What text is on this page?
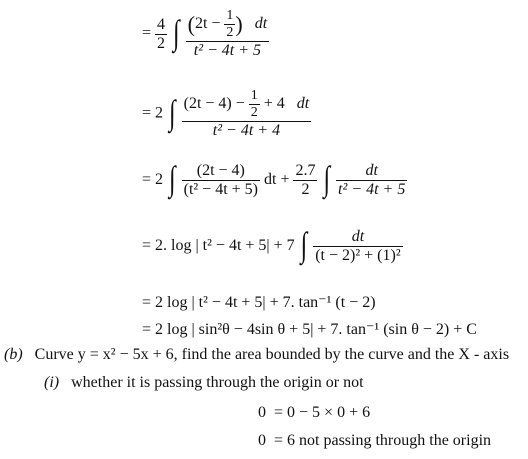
= $\frac{4}{2}$ ∫ $\frac{(2t - \frac{1}{2} ) dt}{\text{t² − 4t + 5}}$
= 2 ∫ $\frac{(2t - 4) - \frac{1}{2} + 4 dt}{\text{t² − 4t + 4}}$
= 2 ∫ $\frac{(2t - 4)}{\text{(t² − 4t + 5)}}$ dt + $\frac{2.7}{2}$ ∫ $\frac{dt}{\text{t² − 4t + 5}}$
= 2. log | t² − 4t + 5| + 7 ∫ $\frac{dt}{\text{(t − 2)² + (1)²}}$
= 2 log | t² − 4t + 5| + 7. tan⁻¹ (t − 2)
= 2 log | sin²θ − 4sin θ + 5| + 7. tan⁻¹ (sin θ − 2) + C
(b) Curve y = x² − 5x + 6, find the area bounded by the curve and the X - axis
(i) whether it is passing through the origin or not
0 = 0 − 5 × 0 + 6
0 = 6 not passing through the origin
